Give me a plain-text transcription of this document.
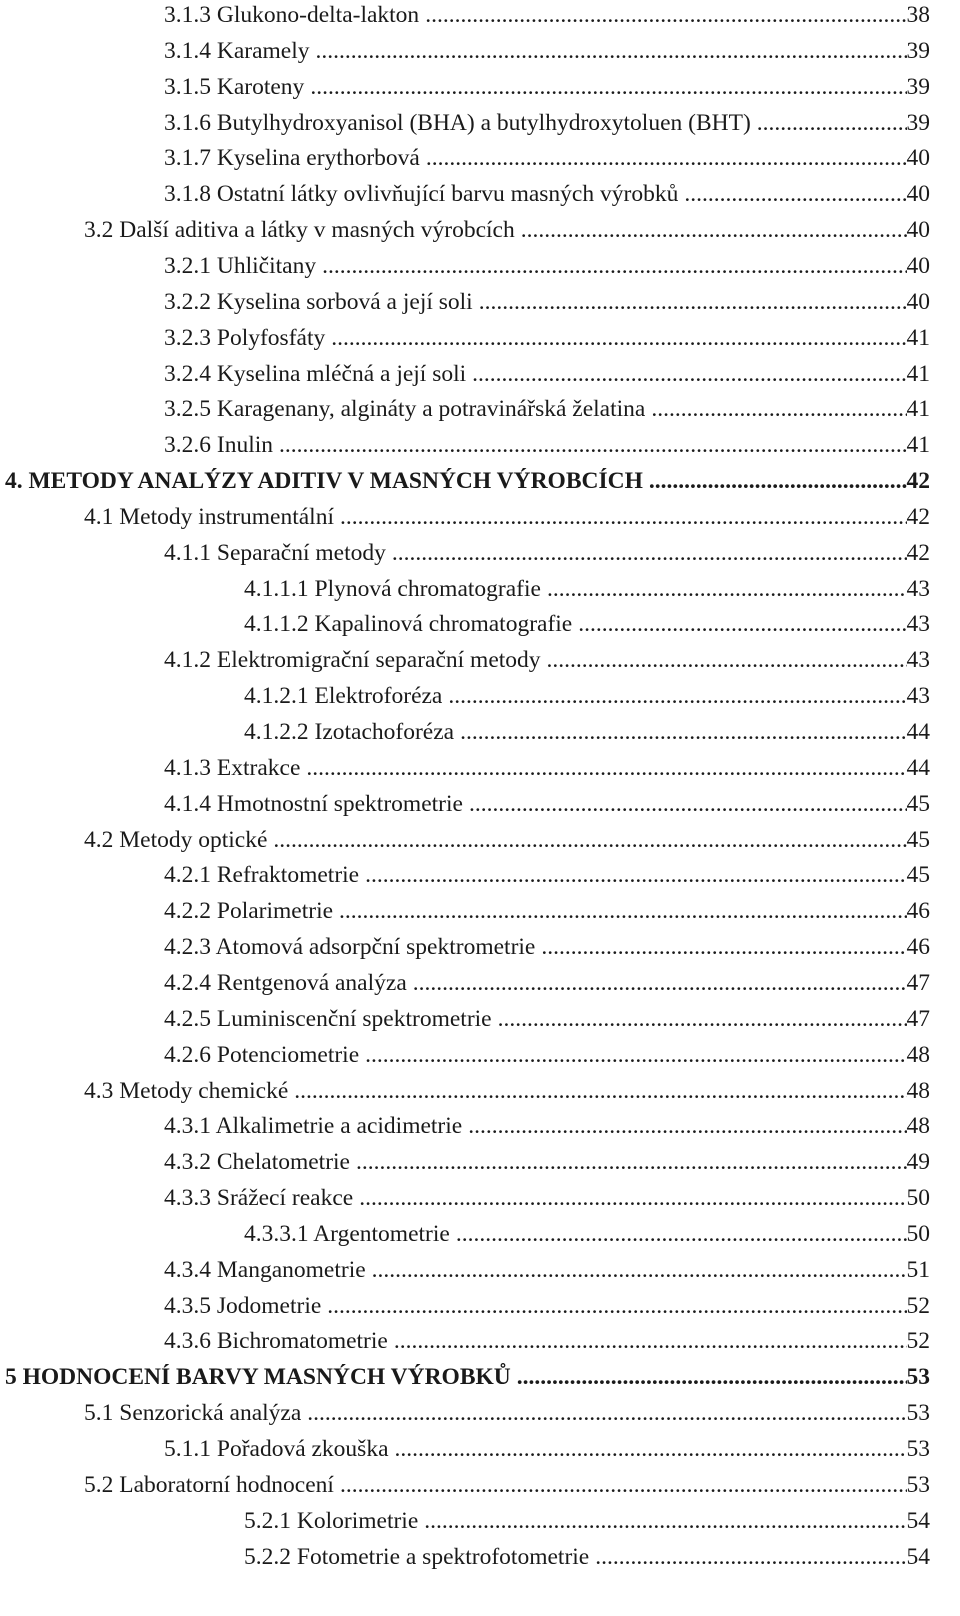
3.1.3 Glukono-delta-lakton .....	38
3.1.4 Karamely .....	39
3.1.5 Karoteny .....	39
3.1.6 Butylhydroxyanisol (BHA) a butylhydroxytoluen (BHT) .....	39
3.1.7 Kyselina erythorbová .....	40
3.1.8 Ostatní látky ovlivňující barvu masných výrobků .....	40
3.2 Další aditiva a látky v masných výrobcích .....	40
3.2.1 Uhličitany .....	40
3.2.2 Kyselina sorbová a její soli .....	40
3.2.3 Polyfosfáty .....	41
3.2.4 Kyselina mléčná a její soli .....	41
3.2.5 Karagenany, algináty a potravinářská želatina .....	41
3.2.6 Inulin .....	41
4. METODY ANALÝZY ADITIV V MASNÝCH VÝROBCÍCH .....	42
4.1 Metody instrumentální .....	42
4.1.1 Separační metody .....	42
4.1.1.1 Plynová chromatografie .....	43
4.1.1.2 Kapalinová chromatografie .....	43
4.1.2 Elektromigrační separační metody .....	43
4.1.2.1 Elektroforéza .....	43
4.1.2.2 Izotachoforéza .....	44
4.1.3 Extrakce .....	44
4.1.4 Hmotnostní spektrometrie .....	45
4.2 Metody optické .....	45
4.2.1 Refraktometrie .....	45
4.2.2 Polarimetrie .....	46
4.2.3 Atomová adsorpční spektrometrie .....	46
4.2.4 Rentgenová analýza .....	47
4.2.5 Luminiscenční spektrometrie .....	47
4.2.6 Potenciometrie .....	48
4.3 Metody chemické .....	48
4.3.1 Alkalimetrie a acidimetrie .....	48
4.3.2 Chelatometrie .....	49
4.3.3 Srážecí reakce .....	50
4.3.3.1 Argentometrie .....	50
4.3.4 Manganometrie .....	51
4.3.5 Jodometrie .....	52
4.3.6 Bichromatometrie .....	52
5 HODNOCENÍ BARVY MASNÝCH VÝROBKŮ .....	53
5.1 Senzorická analýza .....	53
5.1.1 Pořadová zkouška .....	53
5.2 Laboratorní hodnocení .....	53
5.2.1 Kolorimetrie .....	54
5.2.2 Fotometrie a spektrofotometrie .....	54
